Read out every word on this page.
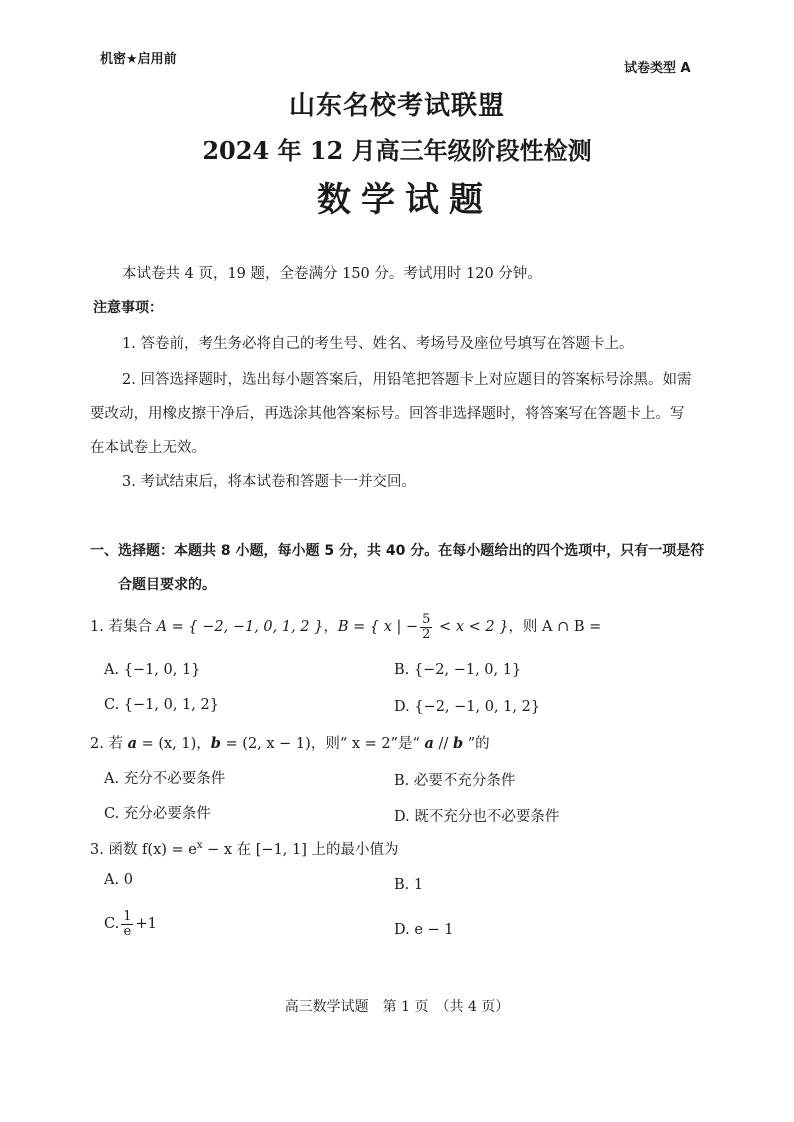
机密★启用前
试卷类型 A
山东名校考试联盟
2024 年 12 月高三年级阶段性检测
数学试题
本试卷共 4 页，19 题，全卷满分 150 分。考试用时 120 分钟。
注意事项：
1. 答卷前，考生务必将自己的考生号、姓名、考场号及座位号填写在答题卡上。
2. 回答选择题时，选出每小题答案后，用铅笔把答题卡上对应题目的答案标号涂黑。如需
要改动，用橡皮擦干净后，再选涂其他答案标号。回答非选择题时，将答案写在答题卡上。写
在本试卷上无效。
3. 考试结束后，将本试卷和答题卡一并交回。
一、选择题：本题共 8 小题，每小题 5 分，共 40 分。在每小题给出的四个选项中，只有一项是符
合题目要求的。
1. 若集合 A = { −2, −1, 0, 1, 2 }，B = { x | − $\frac{5}{2} < x < 2$ }，则 A ∩ B =
A. {−1, 0, 1}	B. {−2, −1, 0, 1}
C. {−1, 0, 1, 2}	D. {−2, −1, 0, 1, 2}
2. 若 a = (x, 1)，b = (2, x − 1)，则“ x = 2”是“ a // b ”的
A. 充分不必要条件	B. 必要不充分条件
C. 充分必要条件	D. 既不充分也不必要条件
3. 函数 $f(x) = e^x - x$ 在 [−1, 1] 上的最小值为
A. 0	B. 1
C. $\frac{1}{e} +1$	D. e − 1
高三数学试题　第 1 页　（共 4 页）
